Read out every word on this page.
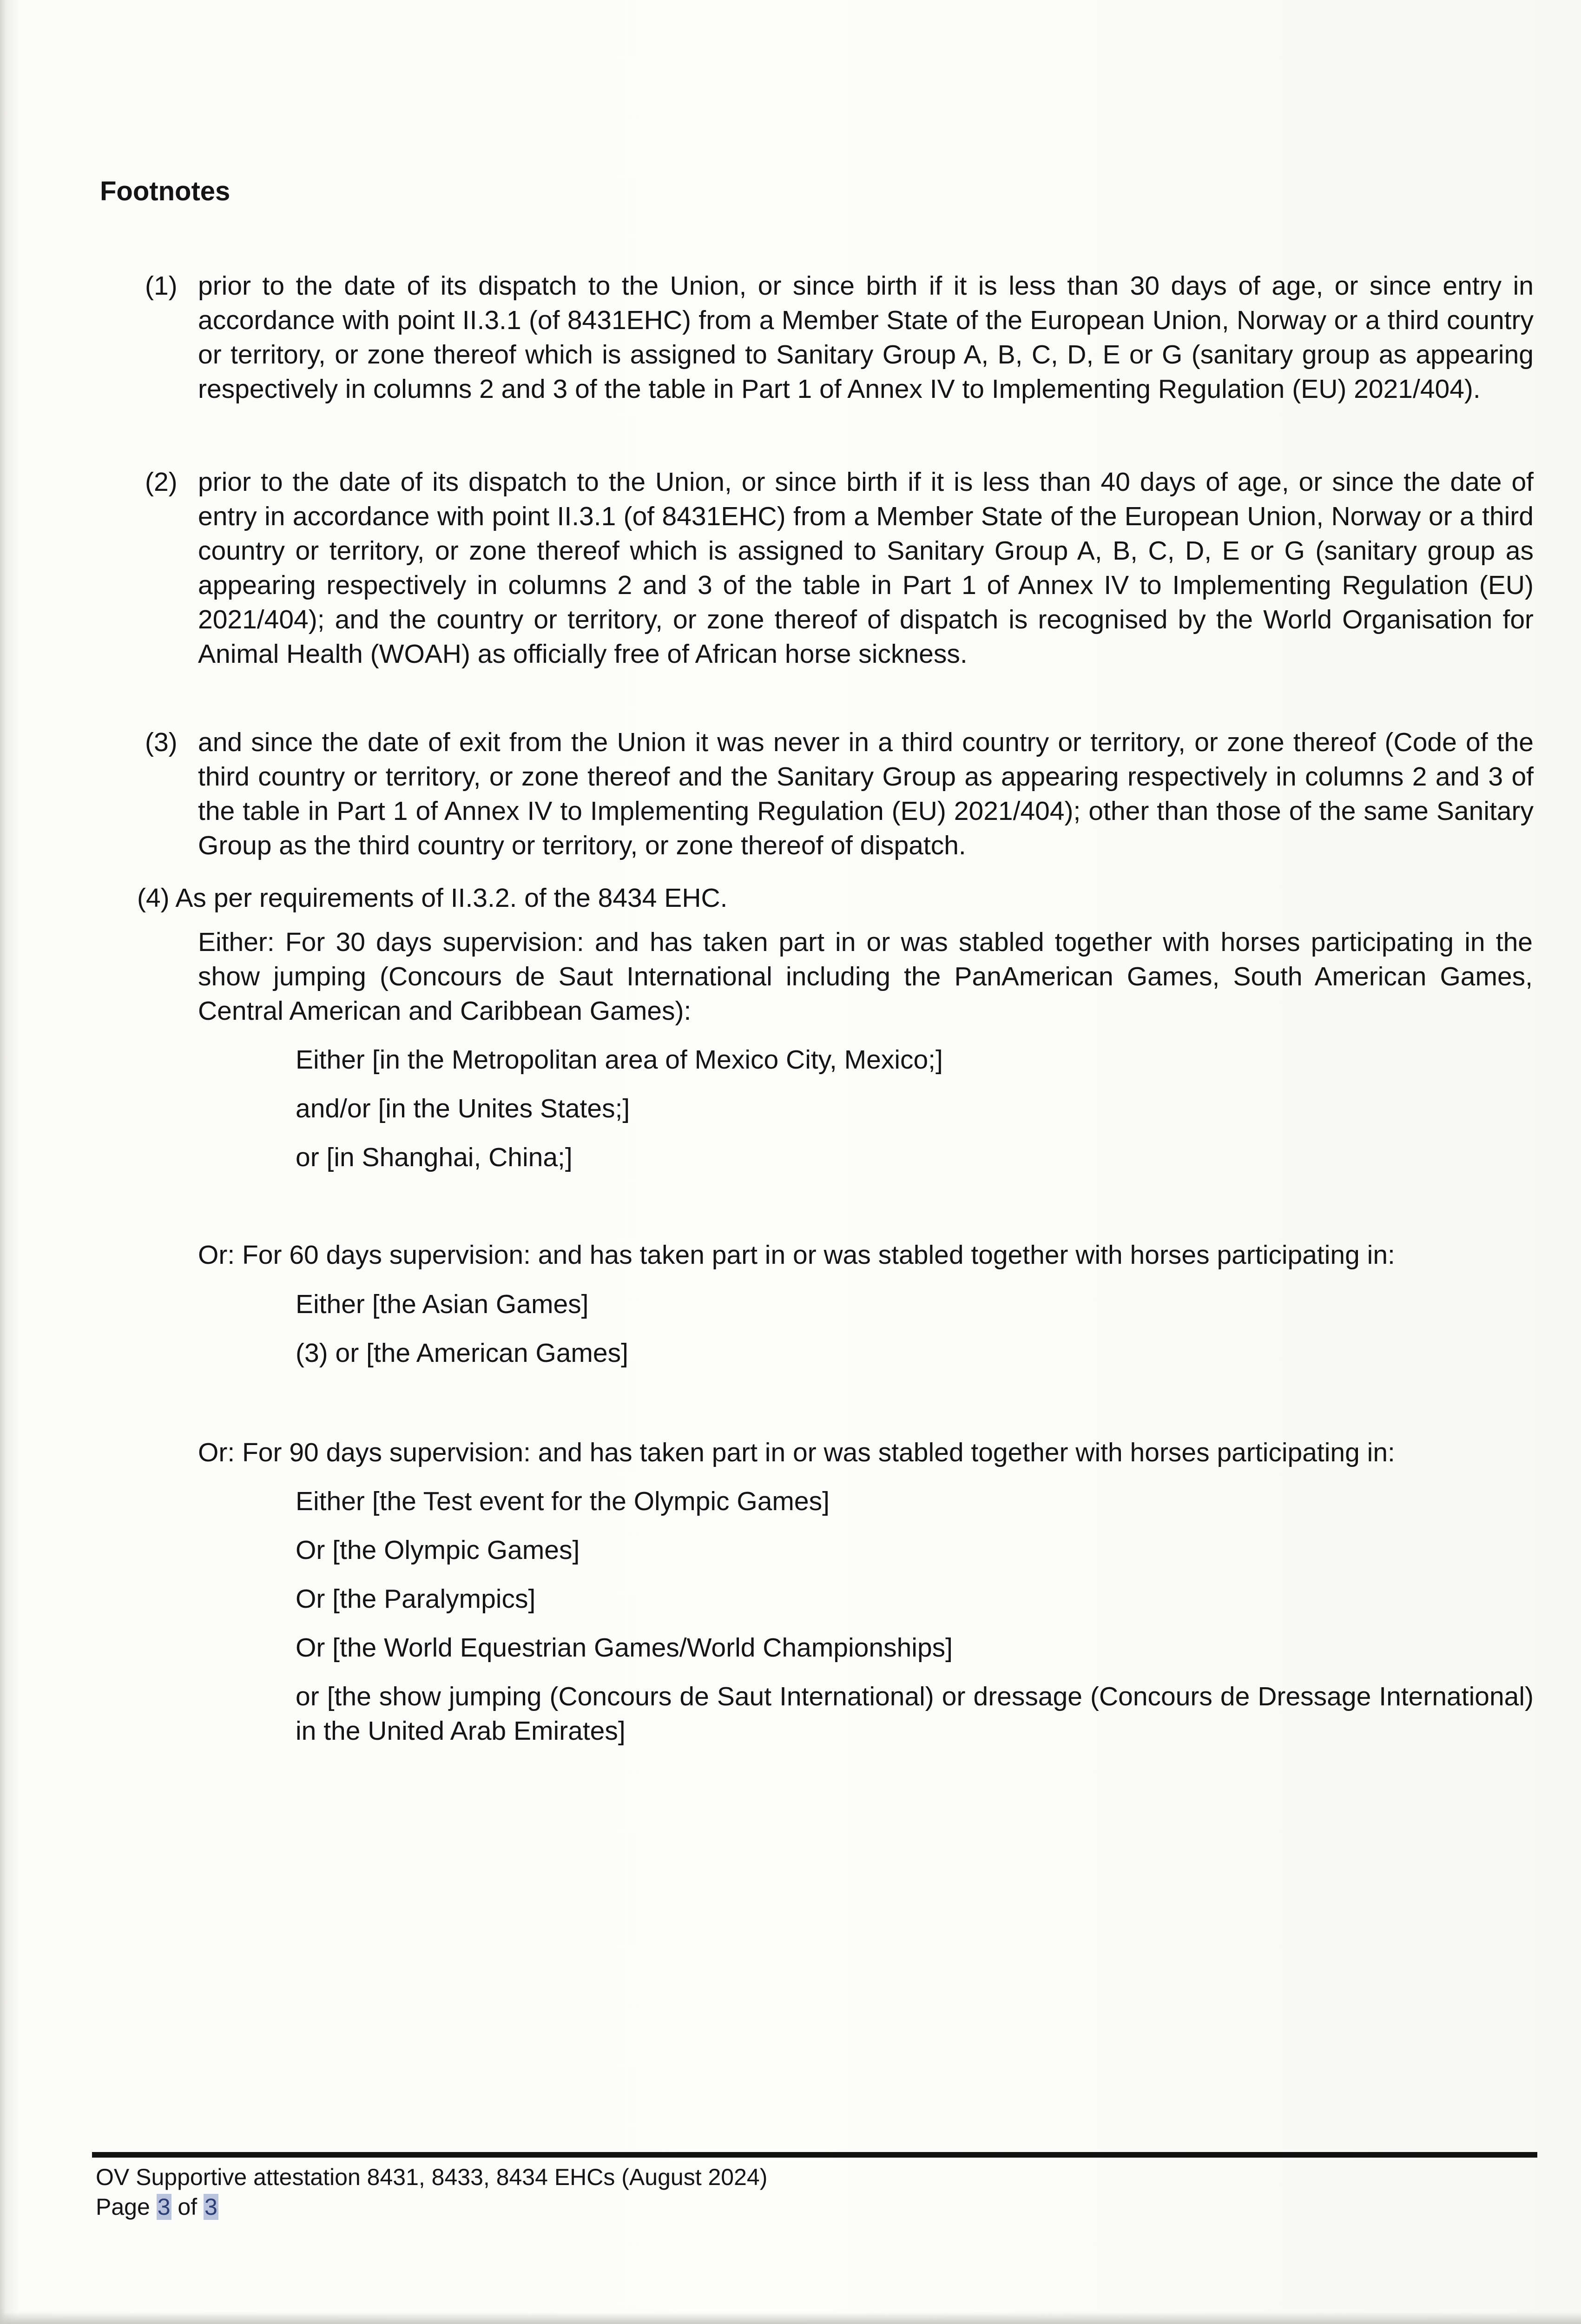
Footnotes

(1) prior to the date of its dispatch to the Union, or since birth if it is less than 30 days of age, or since entry in accordance with point II.3.1 (of 8431EHC) from a Member State of the European Union, Norway or a third country or territory, or zone thereof which is assigned to Sanitary Group A, B, C, D, E or G (sanitary group as appearing respectively in columns 2 and 3 of the table in Part 1 of Annex IV to Implementing Regulation (EU) 2021/404).

(2) prior to the date of its dispatch to the Union, or since birth if it is less than 40 days of age, or since the date of entry in accordance with point II.3.1 (of 8431EHC) from a Member State of the European Union, Norway or a third country or territory, or zone thereof which is assigned to Sanitary Group A, B, C, D, E or G (sanitary group as appearing respectively in columns 2 and 3 of the table in Part 1 of Annex IV to Implementing Regulation (EU) 2021/404); and the country or territory, or zone thereof of dispatch is recognised by the World Organisation for Animal Health (WOAH) as officially free of African horse sickness.

(3) and since the date of exit from the Union it was never in a third country or territory, or zone thereof (Code of the third country or territory, or zone thereof and the Sanitary Group as appearing respectively in columns 2 and 3 of the table in Part 1 of Annex IV to Implementing Regulation (EU) 2021/404); other than those of the same Sanitary Group as the third country or territory, or zone thereof of dispatch.

(4) As per requirements of II.3.2. of the 8434 EHC.

Either: For 30 days supervision: and has taken part in or was stabled together with horses participating in the show jumping (Concours de Saut International including the PanAmerican Games, South American Games, Central American and Caribbean Games):

Either [in the Metropolitan area of Mexico City, Mexico;]

and/or [in the Unites States;]

or [in Shanghai, China;]

Or: For 60 days supervision: and has taken part in or was stabled together with horses participating in:

Either [the Asian Games]

(3) or [the American Games]

Or: For 90 days supervision: and has taken part in or was stabled together with horses participating in:

Either [the Test event for the Olympic Games]

Or [the Olympic Games]

Or [the Paralympics]

Or [the World Equestrian Games/World Championships]

or [the show jumping (Concours de Saut International) or dressage (Concours de Dressage International) in the United Arab Emirates]

OV Supportive attestation 8431, 8433, 8434 EHCs (August 2024)

Page 3 of 3
